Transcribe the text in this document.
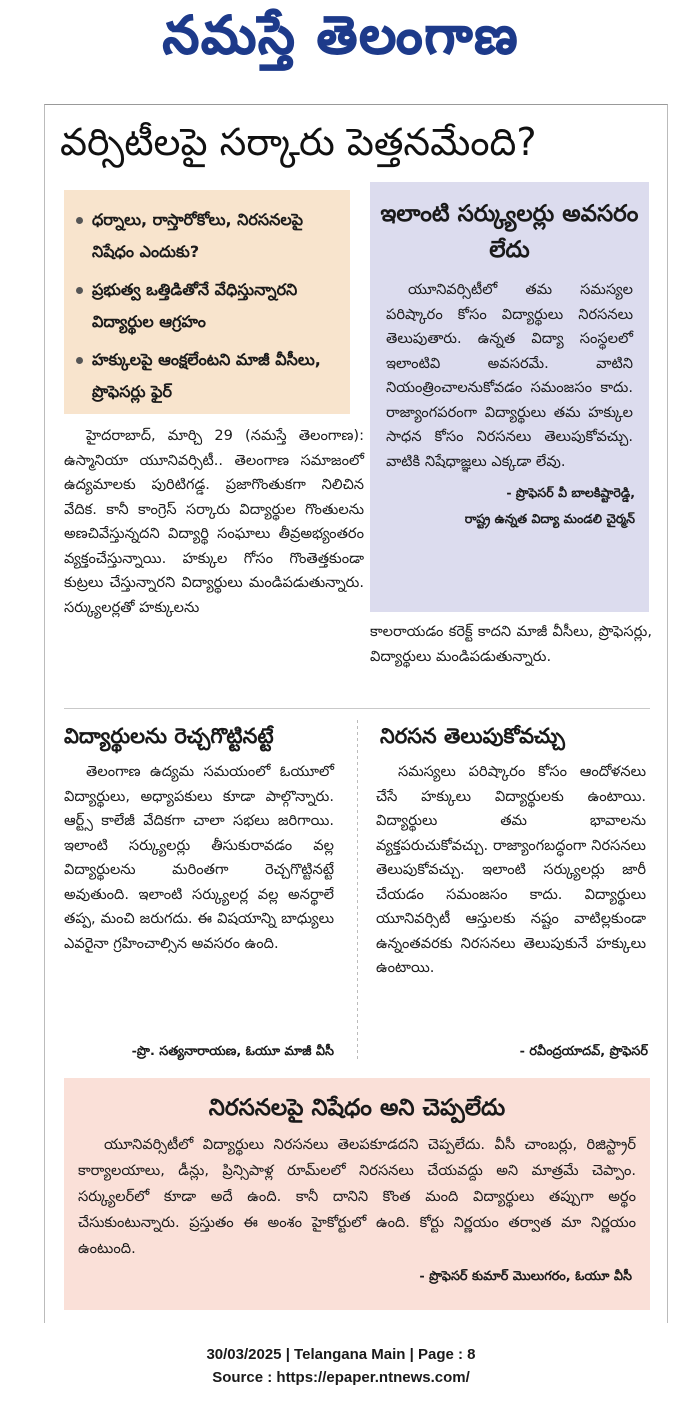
నమస్తే తెలంగాణ
వర్సిటీలపై సర్కారు పెత్తనమేంది?
ధర్నాలు, రాస్తారోకోలు, నిరసనలపై నిషేధం ఎందుకు?
ప్రభుత్వ ఒత్తిడితోనే వేధిస్తున్నారని విద్యార్థుల ఆగ్రహం
హక్కులపై ఆంక్షలేంటని మాజీ వీసీలు, ప్రొఫెసర్లు ఫైర్
ఇలాంటి సర్క్యులర్లు అవసరం లేదు
యూనివర్సిటీలో తమ సమస్యల పరిష్కారం కోసం విద్యార్థులు నిరసనలు తెలుపుతారు. ఉన్నత విద్యా సంస్థలలో ఇలాంటివి అవసరమే. వాటిని నియంత్రించాలనుకోవడం సమంజసం కాదు. రాజ్యాంగపరంగా విద్యార్థులు తమ హక్కుల సాధన కోసం నిరసనలు తెలుపుకోవచ్చు. వాటికి నిషేధాజ్ఞలు ఎక్కడా లేవు.
- ప్రొఫెసర్ వీ బాలకిష్టారెడ్డి,
రాష్ట్ర ఉన్నత విద్యా మండలి చైర్మన్
హైదరాబాద్, మార్చి 29 (నమస్తే తెలంగాణ): ఉస్మానియా యూనివర్సిటీ.. తెలంగాణ సమాజంలో ఉద్యమాలకు పురిటిగడ్డ. ప్రజాగొంతుకగా నిలిచిన వేదిక. కానీ కాంగ్రెస్ సర్కారు విద్యార్థుల గొంతులను అణచివేస్తున్నదని విద్యార్థి సంఘాలు తీవ్రఅభ్యంతరం వ్యక్తంచేస్తున్నాయి. హక్కుల గోసం గొంతెత్తకుండా కుట్రలు చేస్తున్నారని విద్యార్థులు మండిపడుతున్నారు. సర్క్యులర్లతో హక్కులను
కాలరాయడం కరెక్ట్ కాదని మాజీ వీసీలు, ప్రొఫెసర్లు, విద్యార్థులు మండిపడుతున్నారు.
విద్యార్థులను రెచ్చగొట్టినట్టే
తెలంగాణ ఉద్యమ సమయంలో ఓయూలో విద్యార్థులు, అధ్యాపకులు కూడా పాల్గొన్నారు. ఆర్ట్స్ కాలేజీ వేదికగా చాలా సభలు జరిగాయి. ఇలాంటి సర్క్యులర్లు తీసుకురావడం వల్ల విద్యార్థులను మరింతగా రెచ్చగొట్టినట్టే అవుతుంది. ఇలాంటి సర్క్యులర్ల వల్ల అనర్థాలే తప్ప, మంచి జరుగదు. ఈ విషయాన్ని బాధ్యులు ఎవరైనా గ్రహించాల్సిన అవసరం ఉంది.
-ప్రొ. సత్యనారాయణ, ఓయూ మాజీ వీసీ
నిరసన తెలుపుకోవచ్చు
సమస్యలు పరిష్కారం కోసం ఆందోళనలు చేసే హక్కులు విద్యార్థులకు ఉంటాయి. విద్యార్థులు తమ భావాలను వ్యక్తపరుచుకోవచ్చు. రాజ్యాంగబద్ధంగా నిరసనలు తెలుపుకోవచ్చు. ఇలాంటి సర్క్యులర్లు జారీ చేయడం సమంజసం కాదు. విద్యార్థులు యూనివర్సిటీ ఆస్తులకు నష్టం వాటిల్లకుండా ఉన్నంతవరకు నిరసనలు తెలుపుకునే హక్కులు ఉంటాయి.
- రవీంద్రయాదవ్, ప్రొఫెసర్
నిరసనలపై నిషేధం అని చెప్పలేదు
యూనివర్సిటీలో విద్యార్థులు నిరసనలు తెలపకూడదని చెప్పలేదు. వీసీ చాంబర్లు, రిజిస్ట్రార్ కార్యాలయాలు, డీన్లు, ప్రిన్సిపాళ్ల రూమ్‌లలో నిరసనలు చేయవద్దు అని మాత్రమే చెప్పాం. సర్క్యులర్‌లో కూడా అదే ఉంది. కానీ దానిని కొంత మంది విద్యార్థులు తప్పుగా అర్థం చేసుకుంటున్నారు. ప్రస్తుతం ఈ అంశం హైకోర్టులో ఉంది. కోర్టు నిర్ణయం తర్వాత మా నిర్ణయం ఉంటుంది.
- ప్రొఫెసర్ కుమార్ మొలుగరం, ఓయూ వీసీ
30/03/2025 | Telangana Main | Page : 8
Source : https://epaper.ntnews.com/
